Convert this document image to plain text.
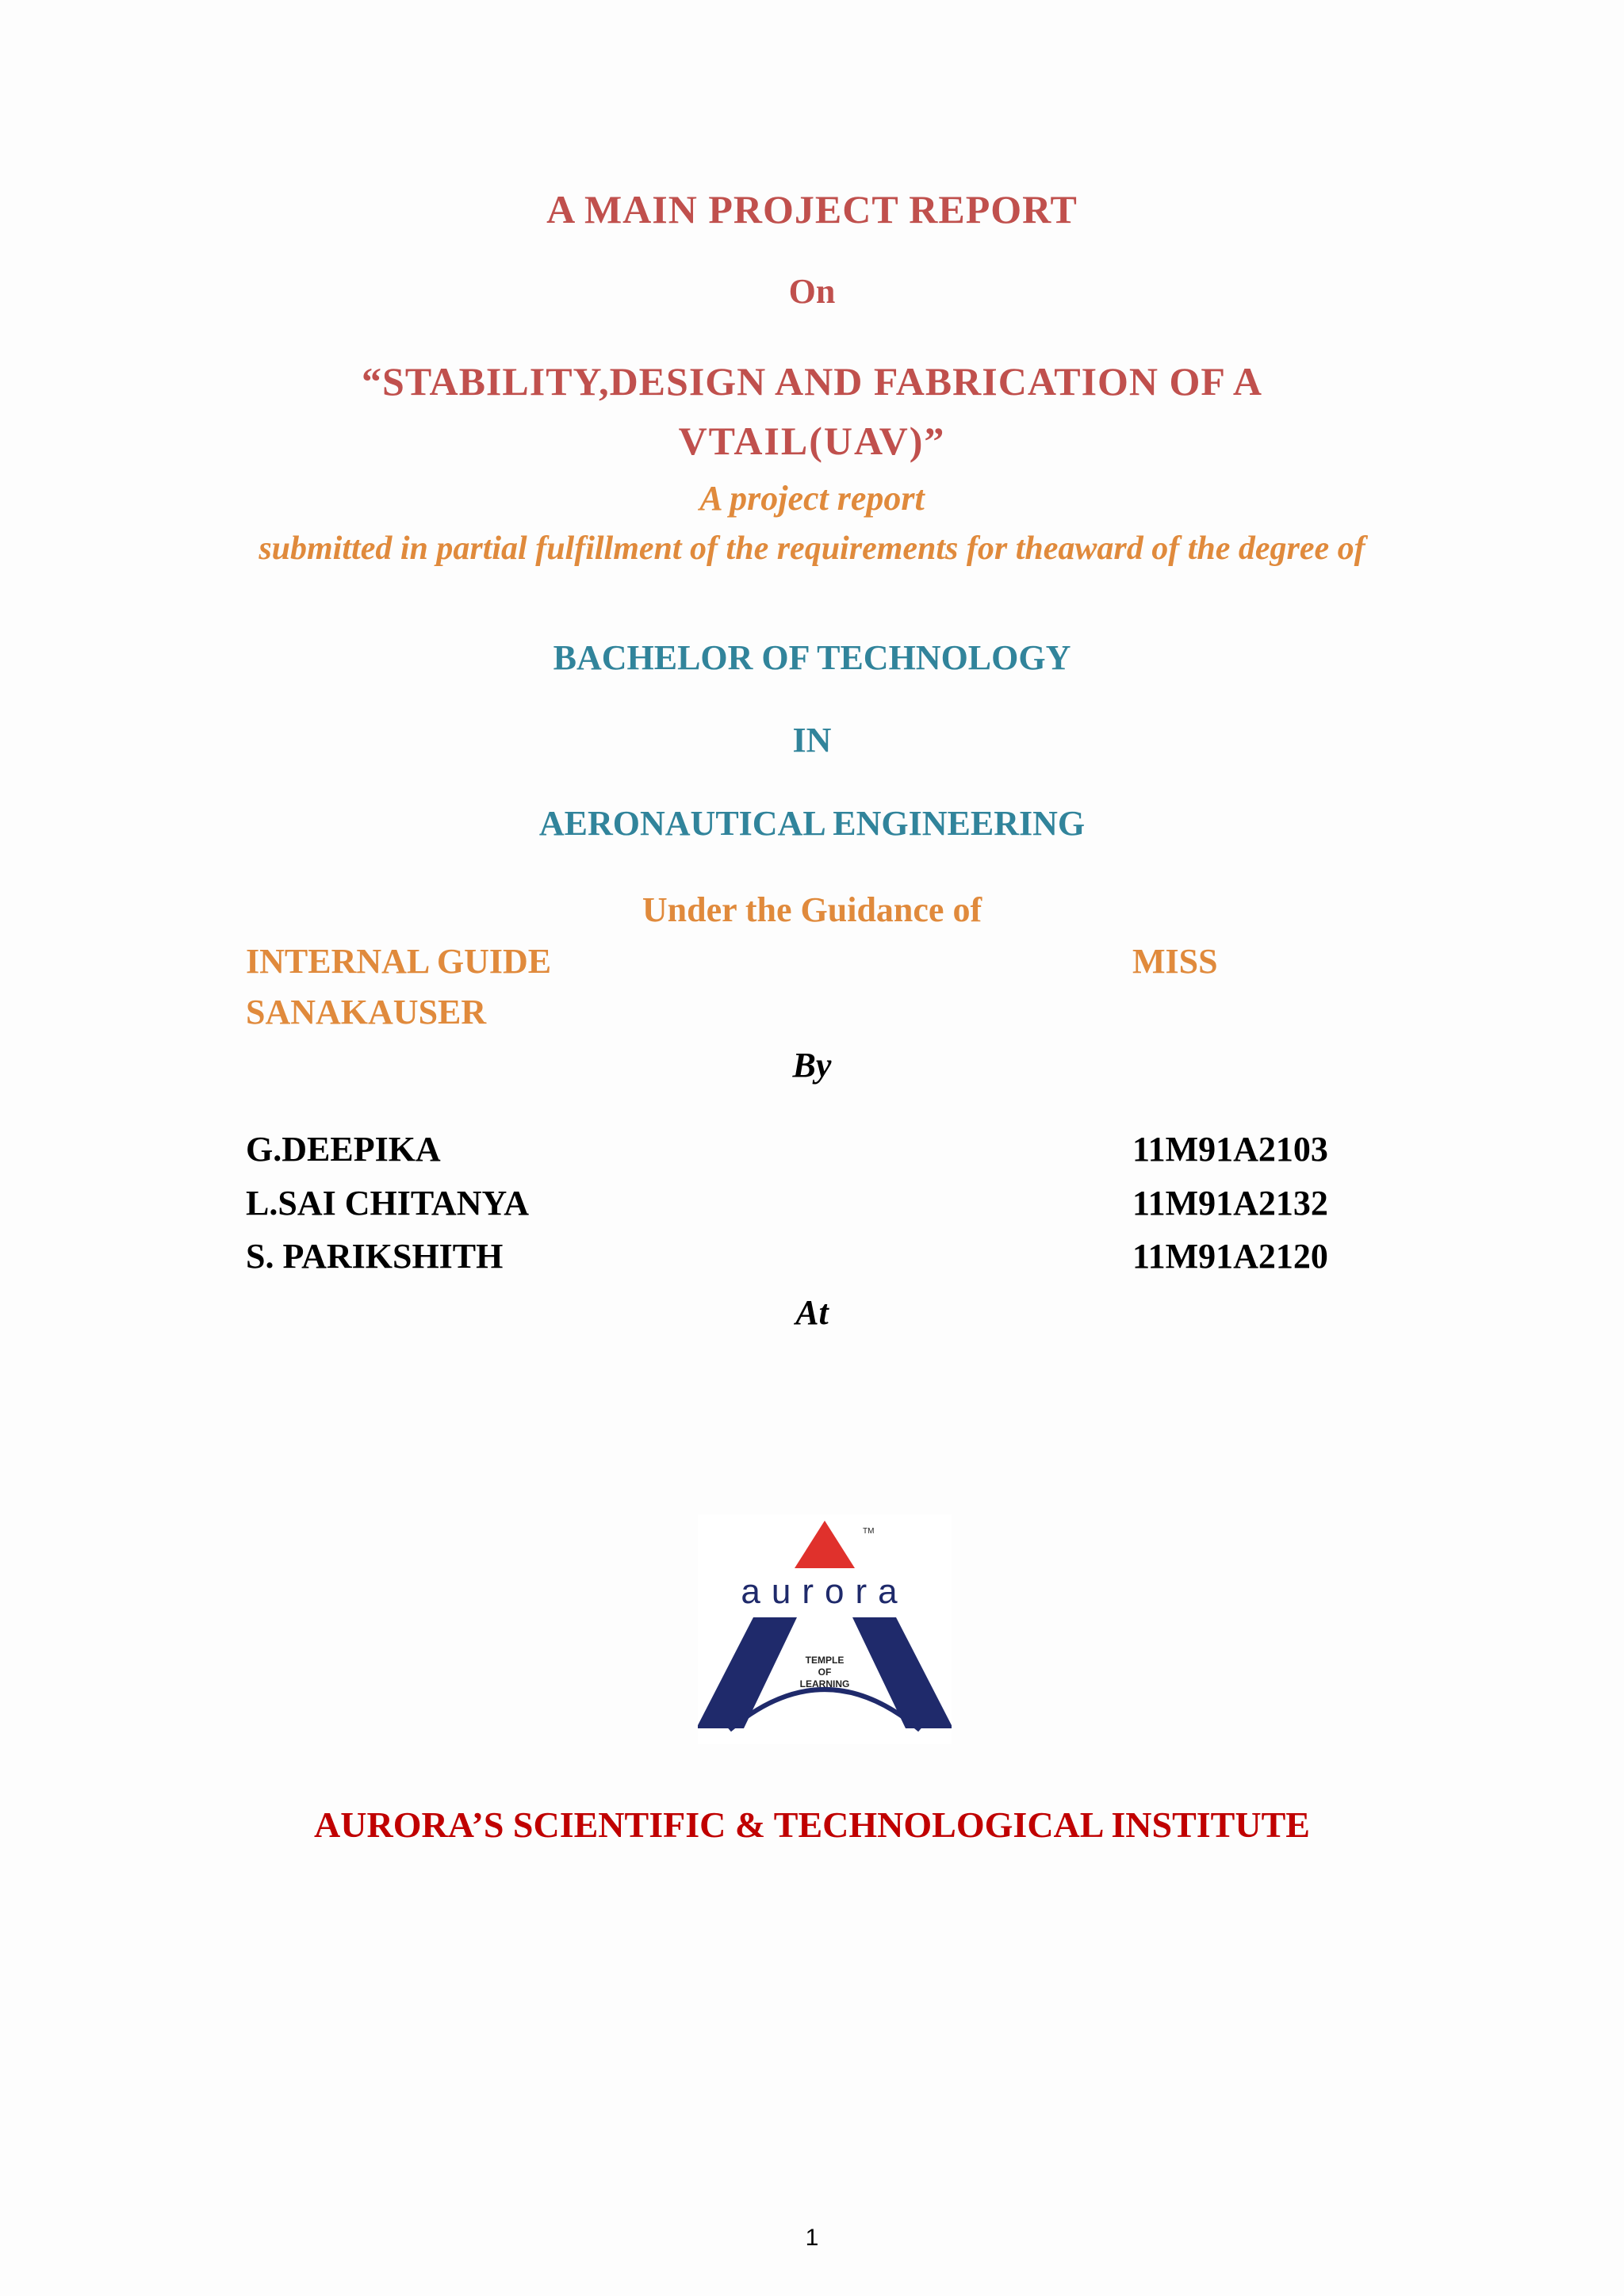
A MAIN PROJECT REPORT
On
“STABILITY,DESIGN AND FABRICATION OF A
VTAIL(UAV)”
A project report
submitted in partial fulfillment of the requirements for theaward of the degree of
BACHELOR OF TECHNOLOGY
IN
AERONAUTICAL ENGINEERING
Under the Guidance of
INTERNAL GUIDE	MISS
SANAKAUSER
By
G.DEEPIKA	11M91A2103
L.SAI CHITANYA	11M91A2132
S. PARIKSHITH	11M91A2120
At
TM
aurora
TEMPLE
OF
LEARNING
AURORA’S SCIENTIFIC & TECHNOLOGICAL INSTITUTE
1
